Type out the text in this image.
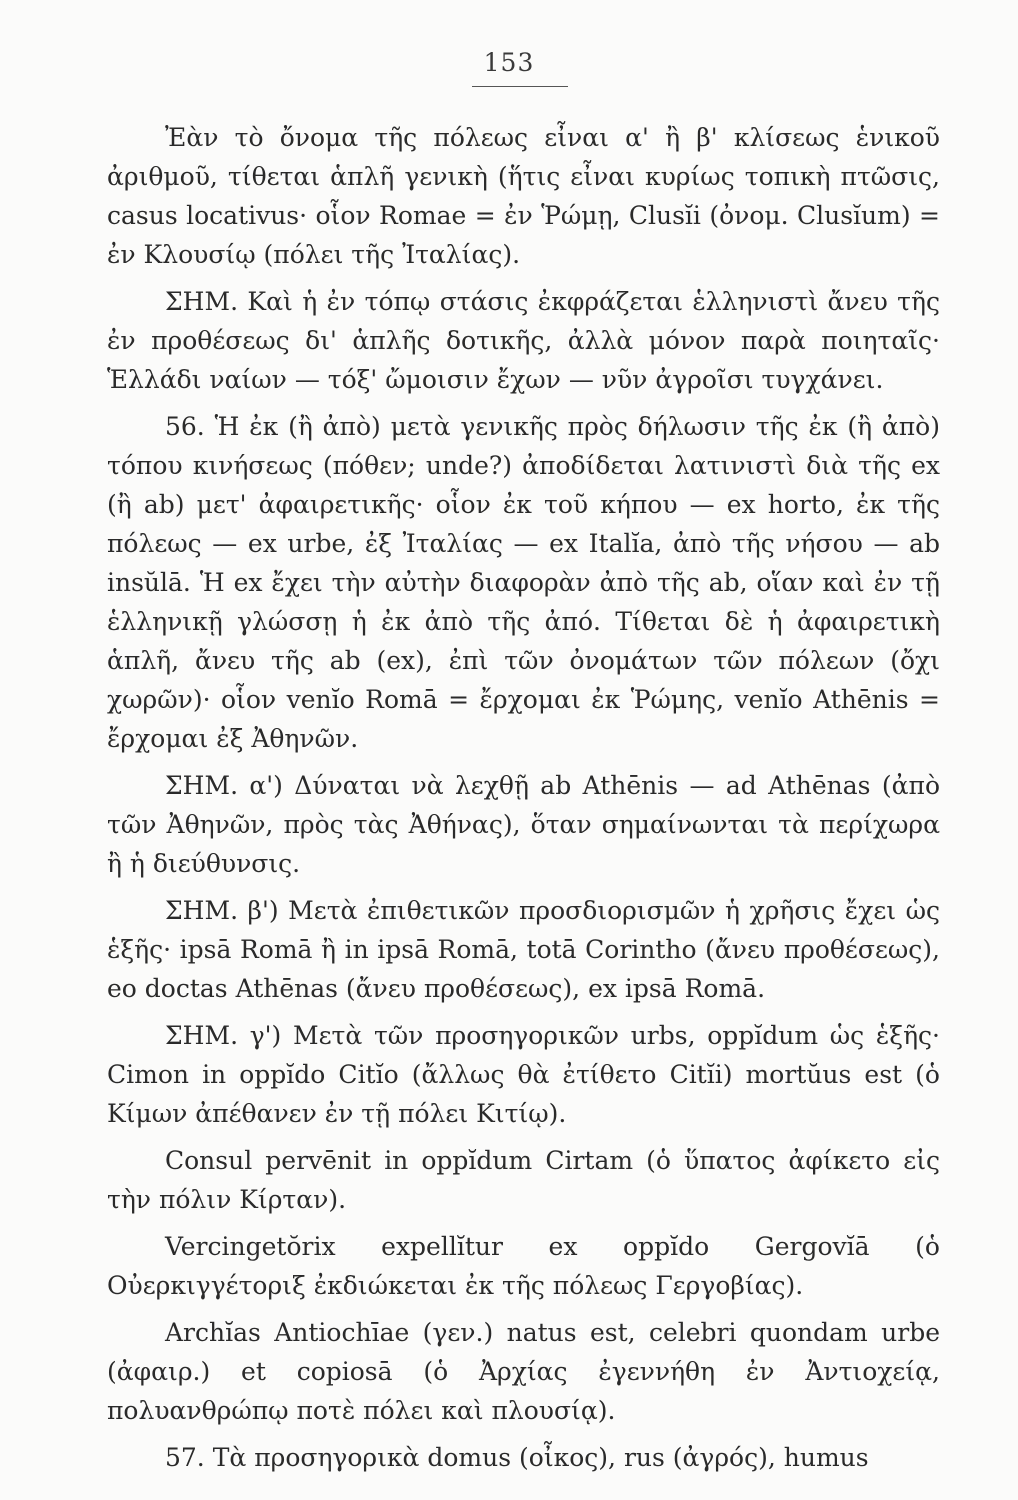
153

Ἐὰν τὸ ὄνομα τῆς πόλεως εἶναι α' ἢ β' κλίσεως ἑνικοῦ ἀριθμοῦ, τίθεται ἁπλῆ γενικὴ (ἥτις εἶναι κυρίως τοπικὴ πτῶσις, casus locativus· οἷον Romae = ἐν Ῥώμῃ, Clusĭi (ὀνομ. Clusĭum) = ἐν Κλουσίῳ (πόλει τῆς Ἰταλίας).

ΣΗΜ. Καὶ ἡ ἐν τόπῳ στάσις ἐκφράζεται ἑλληνιστὶ ἄνευ τῆς ἐν προθέσεως δι' ἁπλῆς δοτικῆς, ἀλλὰ μόνον παρὰ ποιηταῖς· Ἑλλάδι ναίων — τόξ' ὤμοισιν ἔχων — νῦν ἀγροῖσι τυγχάνει.

56. Ἡ ἐκ (ἢ ἀπὸ) μετὰ γενικῆς πρὸς δήλωσιν τῆς ἐκ (ἢ ἀπὸ) τόπου κινήσεως (πόθεν; unde?) ἀποδίδεται λατινιστὶ διὰ τῆς ex (ἢ ab) μετ' ἀφαιρετικῆς· οἷον ἐκ τοῦ κήπου — ex horto, ἐκ τῆς πόλεως — ex urbe, ἐξ Ἰταλίας — ex Italĭa, ἀπὸ τῆς νήσου — ab insŭlā. Ἡ ex ἔχει τὴν αὐτὴν διαφορὰν ἀπὸ τῆς ab, οἵαν καὶ ἐν τῇ ἑλληνικῇ γλώσσῃ ἡ ἐκ ἀπὸ τῆς ἀπό. Τίθεται δὲ ἡ ἀφαιρετικὴ ἁπλῆ, ἄνευ τῆς ab (ex), ἐπὶ τῶν ὀνομάτων τῶν πόλεων (ὄχι χωρῶν)· οἷον venĭo Romā = ἔρχομαι ἐκ Ῥώμης, venĭo Athēnis = ἔρχομαι ἐξ Ἀθηνῶν.

ΣΗΜ. α') Δύναται νὰ λεχθῇ ab Athēnis — ad Athēnas (ἀπὸ τῶν Ἀθηνῶν, πρὸς τὰς Ἀθήνας), ὅταν σημαίνωνται τὰ περίχωρα ἢ ἡ διεύθυνσις.

ΣΗΜ. β') Μετὰ ἐπιθετικῶν προσδιορισμῶν ἡ χρῆσις ἔχει ὡς ἑξῆς· ipsā Romā ἢ in ipsā Romā, totā Corintho (ἄνευ προθέσεως), eo doctas Athēnas (ἄνευ προθέσεως), ex ipsā Romā.

ΣΗΜ. γ') Μετὰ τῶν προσηγορικῶν urbs, oppĭdum ὡς ἑξῆς· Cimon in oppĭdo Citĭo (ἄλλως θὰ ἐτίθετο Citĭi) mortŭus est (ὁ Κίμων ἀπέθανεν ἐν τῇ πόλει Κιτίῳ).

Consul pervēnit in oppĭdum Cirtam (ὁ ὕπατος ἀφίκετο εἰς τὴν πόλιν Κίρταν).

Vercingetŏrix expellĭtur ex oppĭdo Gergovĭā (ὁ Οὐερκιγγέτοριξ ἐκδιώκεται ἐκ τῆς πόλεως Γεργοβίας).

Archĭas Antiochīae (γεν.) natus est, celebri quondam urbe (ἀφαιρ.) et copiosā (ὁ Ἀρχίας ἐγεννήθη ἐν Ἀντιοχείᾳ, πολυανθρώπῳ ποτὲ πόλει καὶ πλουσίᾳ).

57. Τὰ προσηγορικὰ domus (οἶκος), rus (ἀγρός), humus
